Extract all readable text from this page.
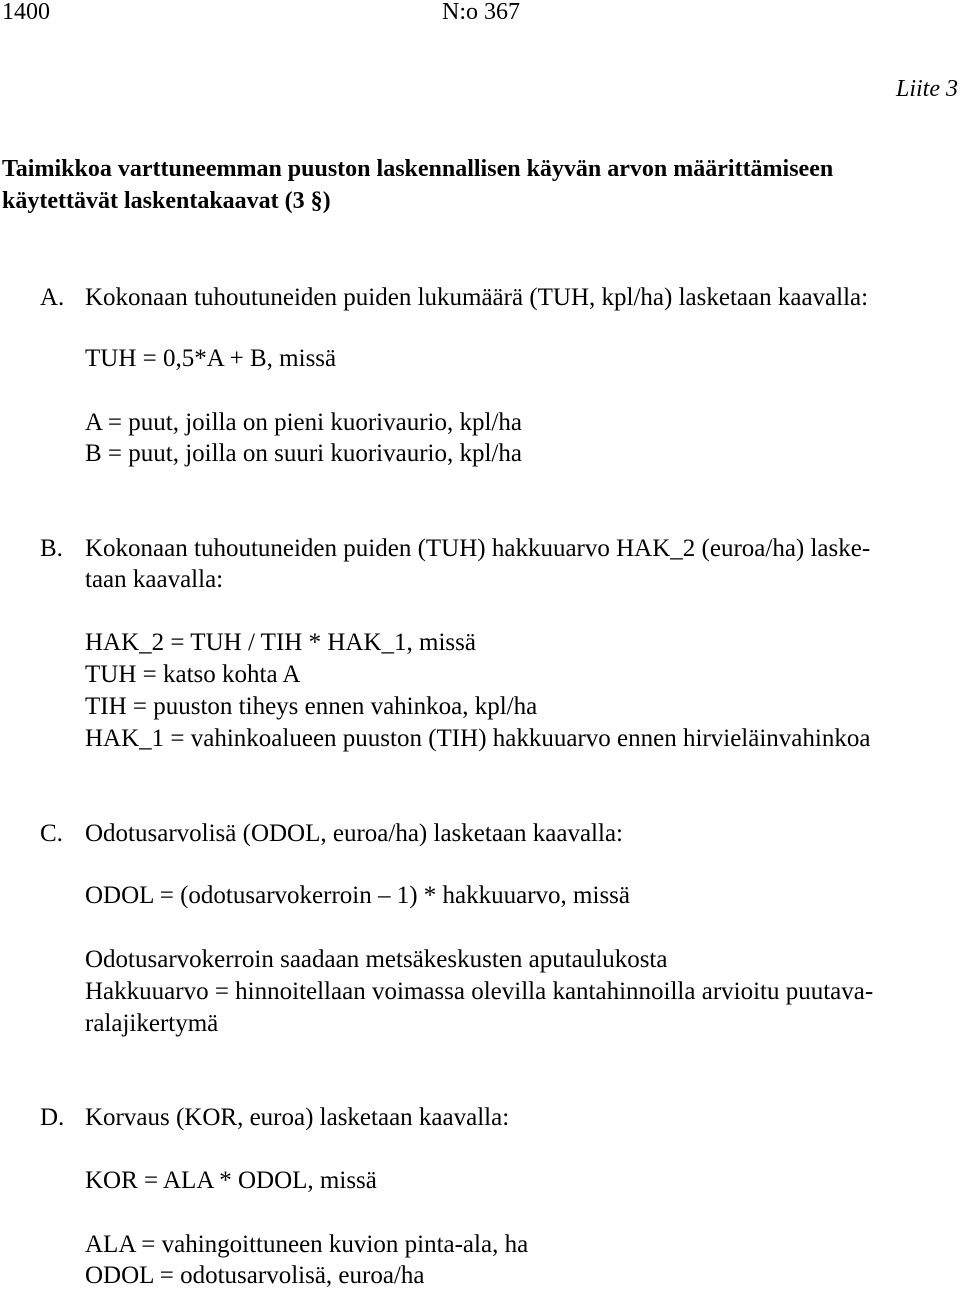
1400	N:o 367

Liite 3

Taimikkoa varttuneemman puuston laskennallisen käyvän arvon määrittämiseen

käytettävät laskentakaavat (3 §)

A. Kokonaan tuhoutuneiden puiden lukumäärä (TUH, kpl/ha) lasketaan kaavalla:

TUH = 0,5*A + B, missä

A = puut, joilla on pieni kuorivaurio, kpl/ha

B = puut, joilla on suuri kuorivaurio, kpl/ha

B. Kokonaan tuhoutuneiden puiden (TUH) hakkuuarvo HAK_2 (euroa/ha) laske-

taan kaavalla:

HAK_2 = TUH / TIH * HAK_1, missä

TUH = katso kohta A

TIH = puuston tiheys ennen vahinkoa, kpl/ha

HAK_1 = vahinkoalueen puuston (TIH) hakkuuarvo ennen hirvieläinvahinkoa

C. Odotusarvolisä (ODOL, euroa/ha) lasketaan kaavalla:

ODOL = (odotusarvokerroin – 1) * hakkuuarvo, missä

Odotusarvokerroin saadaan metsäkeskusten aputaulukosta

Hakkuuarvo = hinnoitellaan voimassa olevilla kantahinnoilla arvioitu puutava-

ralajikertymä

D. Korvaus (KOR, euroa) lasketaan kaavalla:

KOR = ALA * ODOL, missä

ALA = vahingoittuneen kuvion pinta-ala, ha

ODOL = odotusarvolisä, euroa/ha
